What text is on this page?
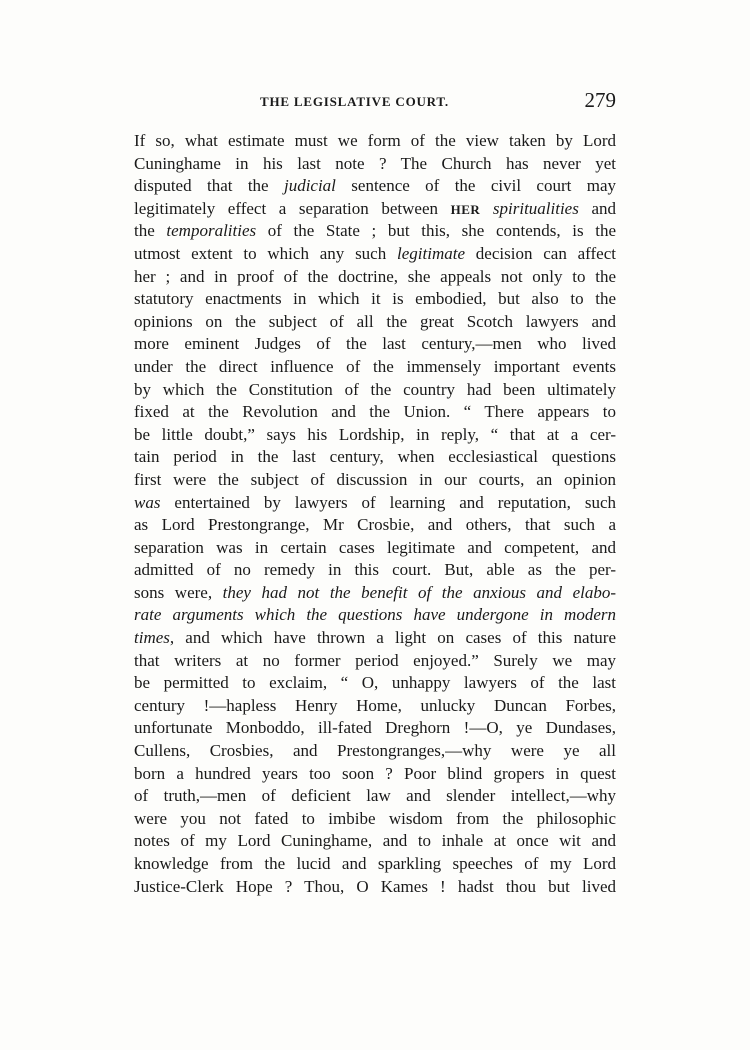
THE LEGISLATIVE COURT.	279
If so, what estimate must we form of the view taken by Lord
Cuninghame in his last note ? The Church has never yet
disputed that the judicial sentence of the civil court may
legitimately effect a separation between HER spiritualities and
the temporalities of the State ; but this, she contends, is the
utmost extent to which any such legitimate decision can affect
her ; and in proof of the doctrine, she appeals not only to the
statutory enactments in which it is embodied, but also to the
opinions on the subject of all the great Scotch lawyers and
more eminent Judges of the last century,—men who lived
under the direct influence of the immensely important events
by which the Constitution of the country had been ultimately
fixed at the Revolution and the Union. “ There appears to
be little doubt,” says his Lordship, in reply, “ that at a cer-
tain period in the last century, when ecclesiastical questions
first were the subject of discussion in our courts, an opinion
was entertained by lawyers of learning and reputation, such
as Lord Prestongrange, Mr Crosbie, and others, that such a
separation was in certain cases legitimate and competent, and
admitted of no remedy in this court. But, able as the per-
sons were, they had not the benefit of the anxious and elabo-
rate arguments which the questions have undergone in modern
times, and which have thrown a light on cases of this nature
that writers at no former period enjoyed.” Surely we may
be permitted to exclaim, “ O, unhappy lawyers of the last
century !—hapless Henry Home, unlucky Duncan Forbes,
unfortunate Monboddo, ill-fated Dreghorn !—O, ye Dundases,
Cullens, Crosbies, and Prestongranges,—why were ye all
born a hundred years too soon ? Poor blind gropers in quest
of truth,—men of deficient law and slender intellect,—why
were you not fated to imbibe wisdom from the philosophic
notes of my Lord Cuninghame, and to inhale at once wit and
knowledge from the lucid and sparkling speeches of my Lord
Justice-Clerk Hope ? Thou, O Kames ! hadst thou but lived
